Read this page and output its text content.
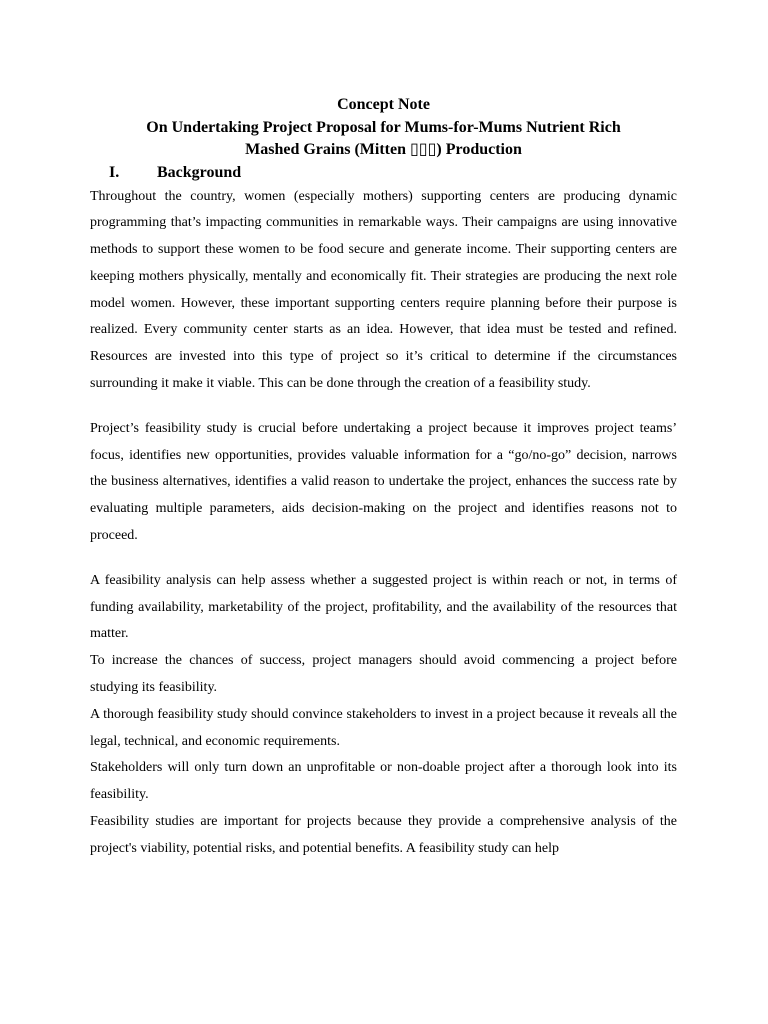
Concept Note
On Undertaking Project Proposal for Mums-for-Mums Nutrient Rich
Mashed Grains (Mitten ▯▯▯) Production
I.	Background

Throughout the country, women (especially mothers) supporting centers are producing dynamic programming that’s impacting communities in remarkable ways. Their campaigns are using innovative methods to support these women to be food secure and generate income. Their supporting centers are keeping mothers physically, mentally and economically fit. Their strategies are producing the next role model women. However, these important supporting centers require planning before their purpose is realized. Every community center starts as an idea. However, that idea must be tested and refined. Resources are invested into this type of project so it’s critical to determine if the circumstances surrounding it make it viable. This can be done through the creation of a feasibility study.

Project’s feasibility study is crucial before undertaking a project because it improves project teams’ focus, identifies new opportunities, provides valuable information for a “go/no-go” decision, narrows the business alternatives, identifies a valid reason to undertake the project, enhances the success rate by evaluating multiple parameters, aids decision-making on the project and identifies reasons not to proceed.

A feasibility analysis can help assess whether a suggested project is within reach or not, in terms of funding availability, marketability of the project, profitability, and the availability of the resources that matter.

To increase the chances of success, project managers should avoid commencing a project before studying its feasibility.

A thorough feasibility study should convince stakeholders to invest in a project because it reveals all the legal, technical, and economic requirements.

Stakeholders will only turn down an unprofitable or non-doable project after a thorough look into its feasibility.

Feasibility studies are important for projects because they provide a comprehensive analysis of the project's viability, potential risks, and potential benefits. A feasibility study can help
